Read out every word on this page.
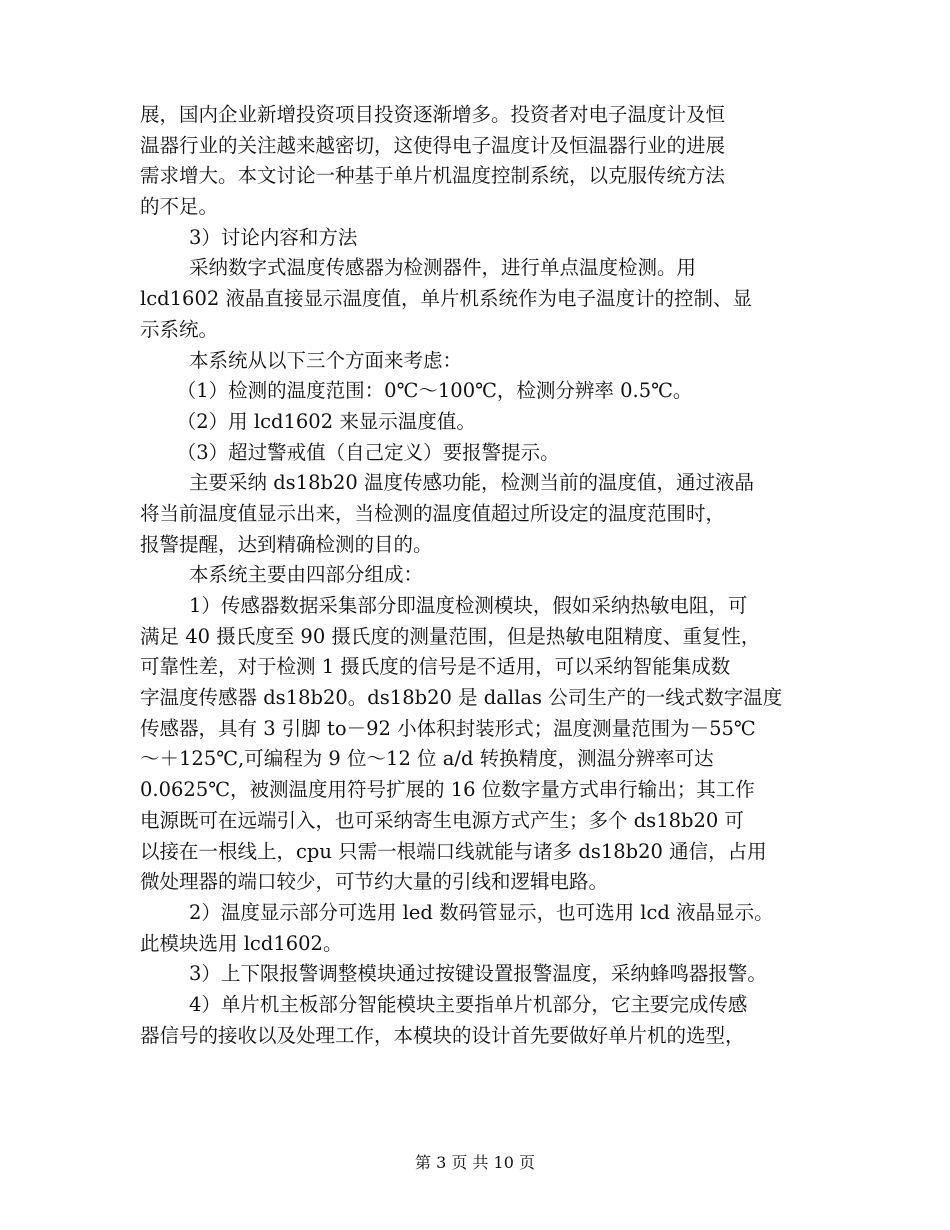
展，国内企业新增投资项目投资逐渐增多。投资者对电子温度计及恒
温器行业的关注越来越密切，这使得电子温度计及恒温器行业的进展
需求增大。本文讨论一种基于单片机温度控制系统，以克服传统方法
的不足。
3）讨论内容和方法
采纳数字式温度传感器为检测器件，进行单点温度检测。用
lcd1602 液晶直接显示温度值，单片机系统作为电子温度计的控制、显
示系统。
本系统从以下三个方面来考虑：
（1）检测的温度范围：0℃～100℃，检测分辨率 0.5℃。
（2）用 lcd1602 来显示温度值。
（3）超过警戒值（自己定义）要报警提示。
主要采纳 ds18b20 温度传感功能，检测当前的温度值，通过液晶
将当前温度值显示出来，当检测的温度值超过所设定的温度范围时，
报警提醒，达到精确检测的目的。
本系统主要由四部分组成：
1）传感器数据采集部分即温度检测模块，假如采纳热敏电阻，可
满足 40 摄氏度至 90 摄氏度的测量范围，但是热敏电阻精度、重复性，
可靠性差，对于检测 1 摄氏度的信号是不适用，可以采纳智能集成数
字温度传感器 ds18b20。ds18b20 是 dallas 公司生产的一线式数字温度
传感器，具有 3 引脚 to－92 小体积封装形式；温度测量范围为－55℃
～＋125℃,可编程为 9 位～12 位 a/d 转换精度，测温分辨率可达
0.0625℃，被测温度用符号扩展的 16 位数字量方式串行输出；其工作
电源既可在远端引入，也可采纳寄生电源方式产生；多个 ds18b20 可
以接在一根线上，cpu 只需一根端口线就能与诸多 ds18b20 通信，占用
微处理器的端口较少，可节约大量的引线和逻辑电路。
2）温度显示部分可选用 led 数码管显示，也可选用 lcd 液晶显示。
此模块选用 lcd1602。
3）上下限报警调整模块通过按键设置报警温度，采纳蜂鸣器报警。
4）单片机主板部分智能模块主要指单片机部分，它主要完成传感
器信号的接收以及处理工作，本模块的设计首先要做好单片机的选型，
第 3 页 共 10 页
